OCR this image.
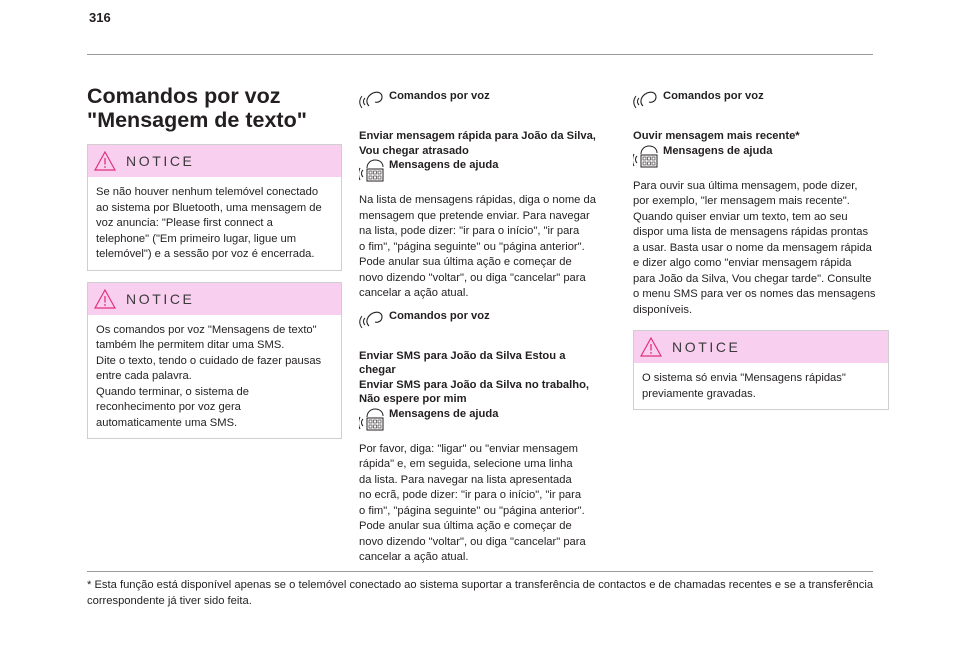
316
Comandos por voz
"Mensagem de texto"
NOTICE
Se não houver nenhum telemóvel conectado
ao sistema por Bluetooth, uma mensagem de
voz anuncia: "Please first connect a
telephone" ("Em primeiro lugar, ligue um
telemóvel") e a sessão por voz é encerrada.
NOTICE
Os comandos por voz "Mensagens de texto"
também lhe permitem ditar uma SMS.
Dite o texto, tendo o cuidado de fazer pausas
entre cada palavra.
Quando terminar, o sistema de
reconhecimento por voz gera
automaticamente uma SMS.
Comandos por voz
Enviar mensagem rápida para João da Silva,
Vou chegar atrasado
Mensagens de ajuda
Na lista de mensagens rápidas, diga o nome da
mensagem que pretende enviar. Para navegar
na lista, pode dizer: "ir para o início", "ir para
o fim", "página seguinte" ou "página anterior".
Pode anular sua última ação e começar de
novo dizendo "voltar", ou diga "cancelar" para
cancelar a ação atual.
Comandos por voz
Enviar SMS para João da Silva Estou a
chegar
Enviar SMS para João da Silva no trabalho,
Não espere por mim
Mensagens de ajuda
Por favor, diga: "ligar" ou "enviar mensagem
rápida" e, em seguida, selecione uma linha
da lista. Para navegar na lista apresentada
no ecrã, pode dizer: "ir para o início", "ir para
o fim", "página seguinte" ou "página anterior".
Pode anular sua última ação e começar de
novo dizendo "voltar", ou diga "cancelar" para
cancelar a ação atual.
Comandos por voz
Ouvir mensagem mais recente*
Mensagens de ajuda
Para ouvir sua última mensagem, pode dizer,
por exemplo, "ler mensagem mais recente".
Quando quiser enviar um texto, tem ao seu
dispor uma lista de mensagens rápidas prontas
a usar. Basta usar o nome da mensagem rápida
e dizer algo como "enviar mensagem rápida
para João da Silva, Vou chegar tarde". Consulte
o menu SMS para ver os nomes das mensagens
disponíveis.
NOTICE
O sistema só envia "Mensagens rápidas"
previamente gravadas.
* Esta função está disponível apenas se o telemóvel conectado ao sistema suportar a transferência de contactos e de chamadas recentes e se a transferência correspondente já tiver sido feita.
